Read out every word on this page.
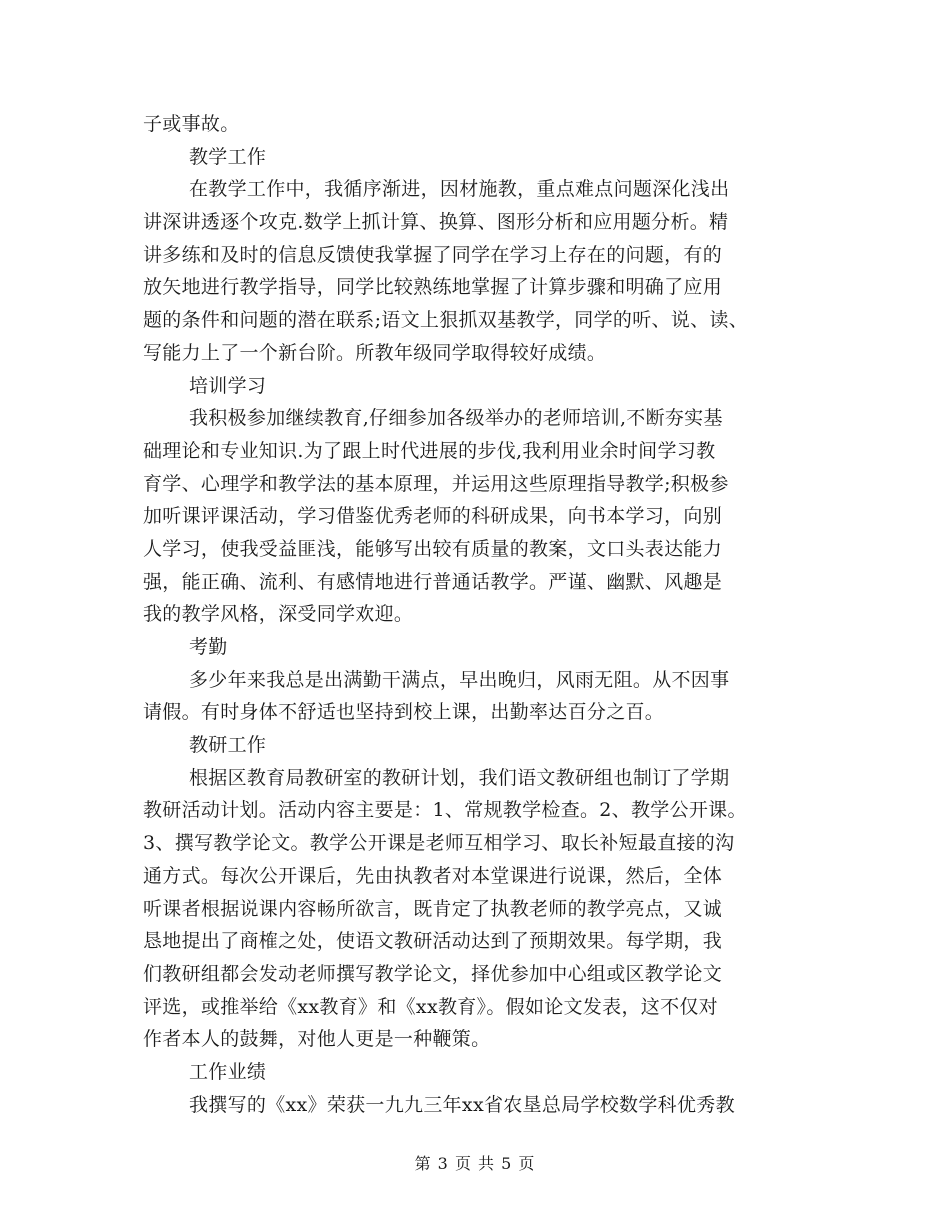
子或事故。
教学工作
在教学工作中，我循序渐进，因材施教，重点难点问题深化浅出
讲深讲透逐个攻克.数学上抓计算、换算、图形分析和应用题分析。精
讲多练和及时的信息反馈使我掌握了同学在学习上存在的问题，有的
放矢地进行教学指导，同学比较熟练地掌握了计算步骤和明确了应用
题的条件和问题的潜在联系;语文上狠抓双基教学，同学的听、说、读、
写能力上了一个新台阶。所教年级同学取得较好成绩。
培训学习
我积极参加继续教育,仔细参加各级举办的老师培训,不断夯实基
础理论和专业知识.为了跟上时代进展的步伐,我利用业余时间学习教
育学、心理学和教学法的基本原理，并运用这些原理指导教学;积极参
加听课评课活动，学习借鉴优秀老师的科研成果，向书本学习，向别
人学习，使我受益匪浅，能够写出较有质量的教案，文口头表达能力
强，能正确、流利、有感情地进行普通话教学。严谨、幽默、风趣是
我的教学风格，深受同学欢迎。
考勤
多少年来我总是出满勤干满点，早出晚归，风雨无阻。从不因事
请假。有时身体不舒适也坚持到校上课，出勤率达百分之百。
教研工作
根据区教育局教研室的教研计划，我们语文教研组也制订了学期
教研活动计划。活动内容主要是：1、常规教学检查。2、教学公开课。
3、撰写教学论文。教学公开课是老师互相学习、取长补短最直接的沟
通方式。每次公开课后，先由执教者对本堂课进行说课，然后，全体
听课者根据说课内容畅所欲言，既肯定了执教老师的教学亮点，又诚
恳地提出了商榷之处，使语文教研活动达到了预期效果。每学期，我
们教研组都会发动老师撰写教学论文，择优参加中心组或区教学论文
评选，或推举给《xx教育》和《xx教育》。假如论文发表，这不仅对
作者本人的鼓舞，对他人更是一种鞭策。
工作业绩
我撰写的《xx》荣获一九九三年xx省农垦总局学校数学科优秀教
第 3 页 共 5 页
